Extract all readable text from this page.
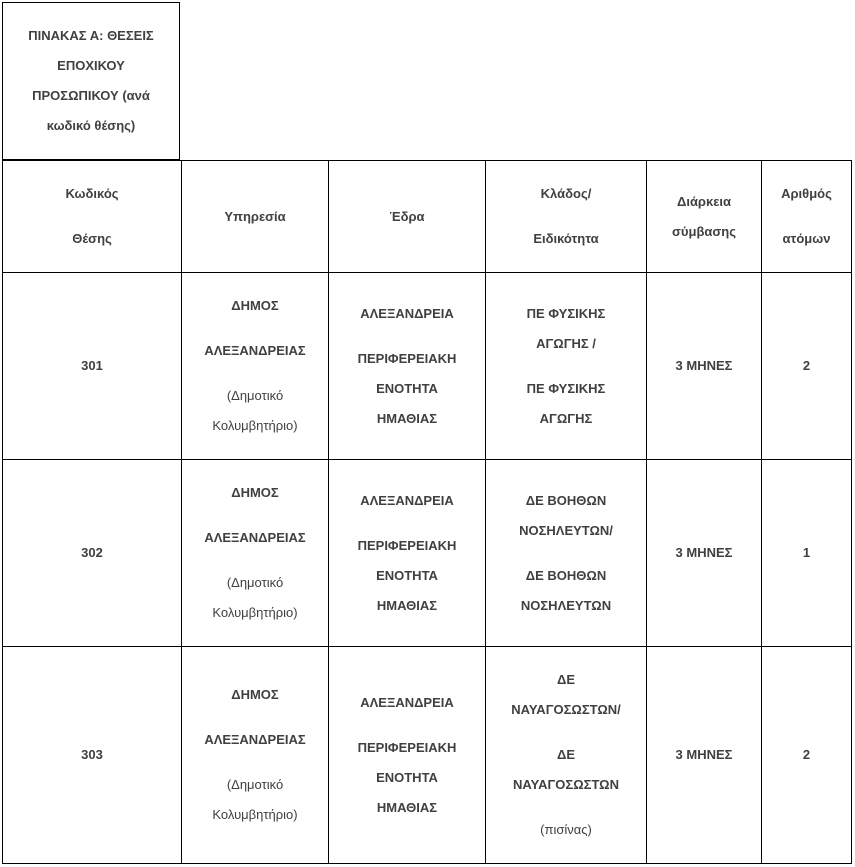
ΠΙΝΑΚΑΣ Α: ΘΕΣΕΙΣ ΕΠΟΧΙΚΟΥ ΠΡΟΣΩΠΙΚΟΥ (ανά κωδικό θέσης)
Κωδικός
Θέσης	Υπηρεσία	Έδρα	Κλάδος/
Ειδικότητα	Διάρκεια
σύμβασης	Αριθμός
ατόμων

301	ΔΗΜΟΣ
ΑΛΕΞΑΝΔΡΕΙΑΣ
(Δημοτικό
Κολυμβητήριο)	ΑΛΕΞΑΝΔΡΕΙΑ
ΠΕΡΙΦΕΡΕΙΑΚΗ
ΕΝΟΤΗΤΑ
ΗΜΑΘΙΑΣ	ΠΕ ΦΥΣΙΚΗΣ
ΑΓΩΓΗΣ /
ΠΕ ΦΥΣΙΚΗΣ
ΑΓΩΓΗΣ	3 ΜΗΝΕΣ	2

302	ΔΗΜΟΣ
ΑΛΕΞΑΝΔΡΕΙΑΣ
(Δημοτικό
Κολυμβητήριο)	ΑΛΕΞΑΝΔΡΕΙΑ
ΠΕΡΙΦΕΡΕΙΑΚΗ
ΕΝΟΤΗΤΑ
ΗΜΑΘΙΑΣ	ΔΕ ΒΟΗΘΩΝ
ΝΟΣΗΛΕΥΤΩΝ/
ΔΕ ΒΟΗΘΩΝ
ΝΟΣΗΛΕΥΤΩΝ	3 ΜΗΝΕΣ	1

303	ΔΗΜΟΣ
ΑΛΕΞΑΝΔΡΕΙΑΣ
(Δημοτικό
Κολυμβητήριο)	ΑΛΕΞΑΝΔΡΕΙΑ
ΠΕΡΙΦΕΡΕΙΑΚΗ
ΕΝΟΤΗΤΑ
ΗΜΑΘΙΑΣ	ΔΕ
ΝΑΥΑΓΟΣΩΣΤΩΝ/
ΔΕ
ΝΑΥΑΓΟΣΩΣΤΩΝ
(πισίνας)	3 ΜΗΝΕΣ	2
